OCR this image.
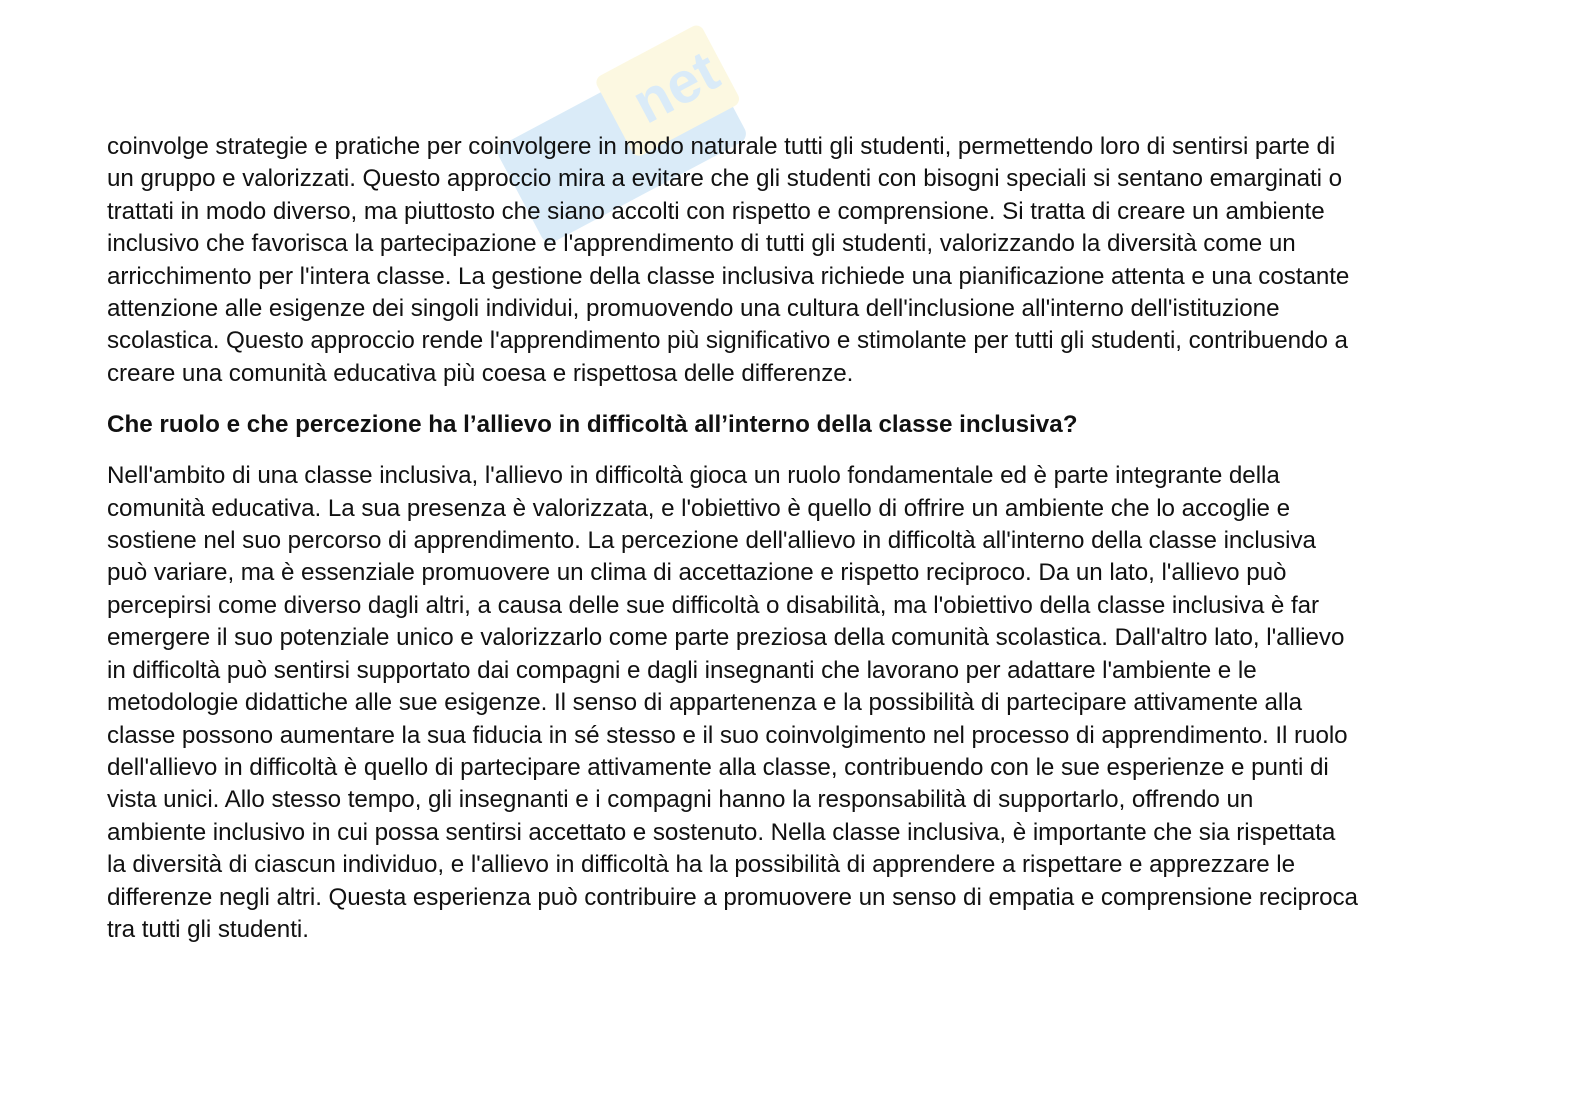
net

coinvolge strategie e pratiche per coinvolgere in modo naturale tutti gli studenti, permettendo loro di sentirsi parte di
un gruppo e valorizzati. Questo approccio mira a evitare che gli studenti con bisogni speciali si sentano emarginati o
trattati in modo diverso, ma piuttosto che siano accolti con rispetto e comprensione. Si tratta di creare un ambiente
inclusivo che favorisca la partecipazione e l'apprendimento di tutti gli studenti, valorizzando la diversità come un
arricchimento per l'intera classe. La gestione della classe inclusiva richiede una pianificazione attenta e una costante
attenzione alle esigenze dei singoli individui, promuovendo una cultura dell'inclusione all'interno dell'istituzione
scolastica. Questo approccio rende l'apprendimento più significativo e stimolante per tutti gli studenti, contribuendo a
creare una comunità educativa più coesa e rispettosa delle differenze.

Che ruolo e che percezione ha l’allievo in difficoltà all’interno della classe inclusiva?

Nell'ambito di una classe inclusiva, l'allievo in difficoltà gioca un ruolo fondamentale ed è parte integrante della
comunità educativa. La sua presenza è valorizzata, e l'obiettivo è quello di offrire un ambiente che lo accoglie e
sostiene nel suo percorso di apprendimento. La percezione dell'allievo in difficoltà all'interno della classe inclusiva
può variare, ma è essenziale promuovere un clima di accettazione e rispetto reciproco. Da un lato, l'allievo può
percepirsi come diverso dagli altri, a causa delle sue difficoltà o disabilità, ma l'obiettivo della classe inclusiva è far
emergere il suo potenziale unico e valorizzarlo come parte preziosa della comunità scolastica. Dall'altro lato, l'allievo
in difficoltà può sentirsi supportato dai compagni e dagli insegnanti che lavorano per adattare l'ambiente e le
metodologie didattiche alle sue esigenze. Il senso di appartenenza e la possibilità di partecipare attivamente alla
classe possono aumentare la sua fiducia in sé stesso e il suo coinvolgimento nel processo di apprendimento. Il ruolo
dell'allievo in difficoltà è quello di partecipare attivamente alla classe, contribuendo con le sue esperienze e punti di
vista unici. Allo stesso tempo, gli insegnanti e i compagni hanno la responsabilità di supportarlo, offrendo un
ambiente inclusivo in cui possa sentirsi accettato e sostenuto. Nella classe inclusiva, è importante che sia rispettata
la diversità di ciascun individuo, e l'allievo in difficoltà ha la possibilità di apprendere a rispettare e apprezzare le
differenze negli altri. Questa esperienza può contribuire a promuovere un senso di empatia e comprensione reciproca
tra tutti gli studenti.
